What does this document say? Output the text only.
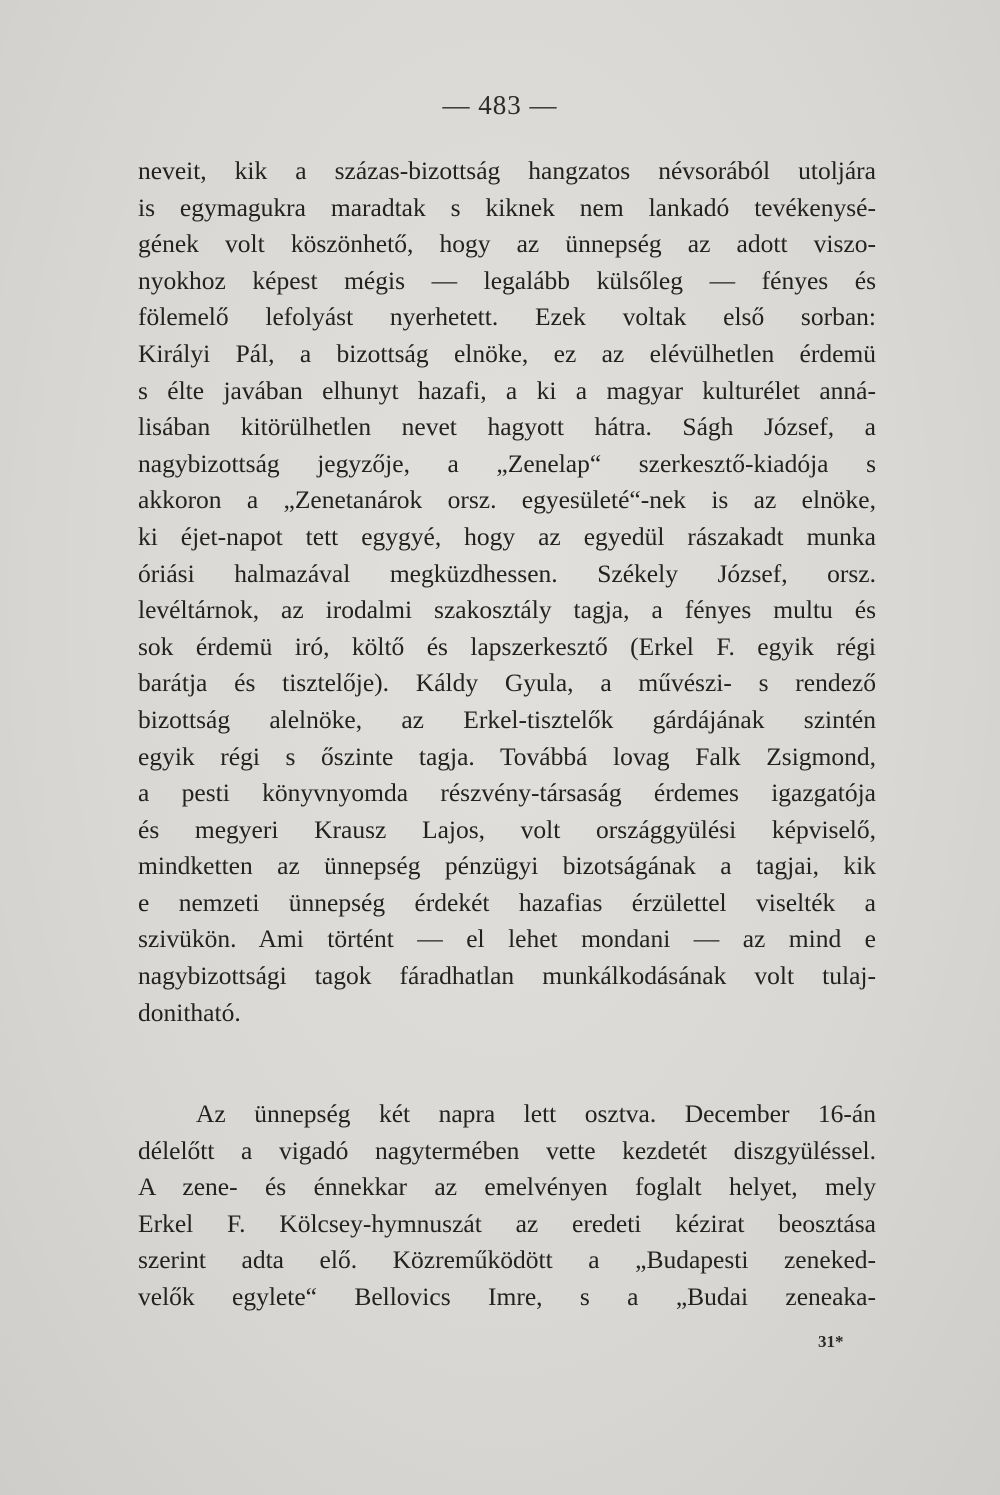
— 483 —
neveit, kik a százas-bizottság hangzatos névsorából utoljára
is egymagukra maradtak s kiknek nem lankadó tevékenysé-
gének volt köszönhető, hogy az ünnepség az adott viszo-
nyokhoz képest mégis — legalább külsőleg — fényes és
fölemelő lefolyást nyerhetett. Ezek voltak első sorban:
Királyi Pál, a bizottság elnöke, ez az elévülhetlen érdemü
s élte javában elhunyt hazafi, a ki a magyar kulturélet anná-
lisában kitörülhetlen nevet hagyott hátra. Ságh József, a
nagybizottság jegyzője, a „Zenelap“ szerkesztő-kiadója s
akkoron a „Zenetanárok orsz. egyesületé“-nek is az elnöke,
ki éjet-napot tett egygyé, hogy az egyedül rászakadt munka
óriási halmazával megküzdhessen. Székely József, orsz.
levéltárnok, az irodalmi szakosztály tagja, a fényes multu és
sok érdemü iró, költő és lapszerkesztő (Erkel F. egyik régi
barátja és tisztelője). Káldy Gyula, a művészi- s rendező
bizottság alelnöke, az Erkel-tisztelők gárdájának szintén
egyik régi s őszinte tagja. Továbbá lovag Falk Zsigmond,
a pesti könyvnyomda részvény-társaság érdemes igazgatója
és megyeri Krausz Lajos, volt országgyülési képviselő,
mindketten az ünnepség pénzügyi bizotságának a tagjai, kik
e nemzeti ünnepség érdekét hazafias érzülettel viselték a
szivükön. Ami történt — el lehet mondani — az mind e
nagybizottsági tagok fáradhatlan munkálkodásának volt tulaj-
donitható.
Az ünnepség két napra lett osztva. December 16-án
délelőtt a vigadó nagytermében vette kezdetét diszgyüléssel.
A zene- és énnekkar az emelvényen foglalt helyet, mely
Erkel F. Kölcsey-hymnuszát az eredeti kézirat beosztása
szerint adta elő. Közreműködött a „Budapesti zeneked-
velők egylete“ Bellovics Imre, s a „Budai zeneaka-
31*
